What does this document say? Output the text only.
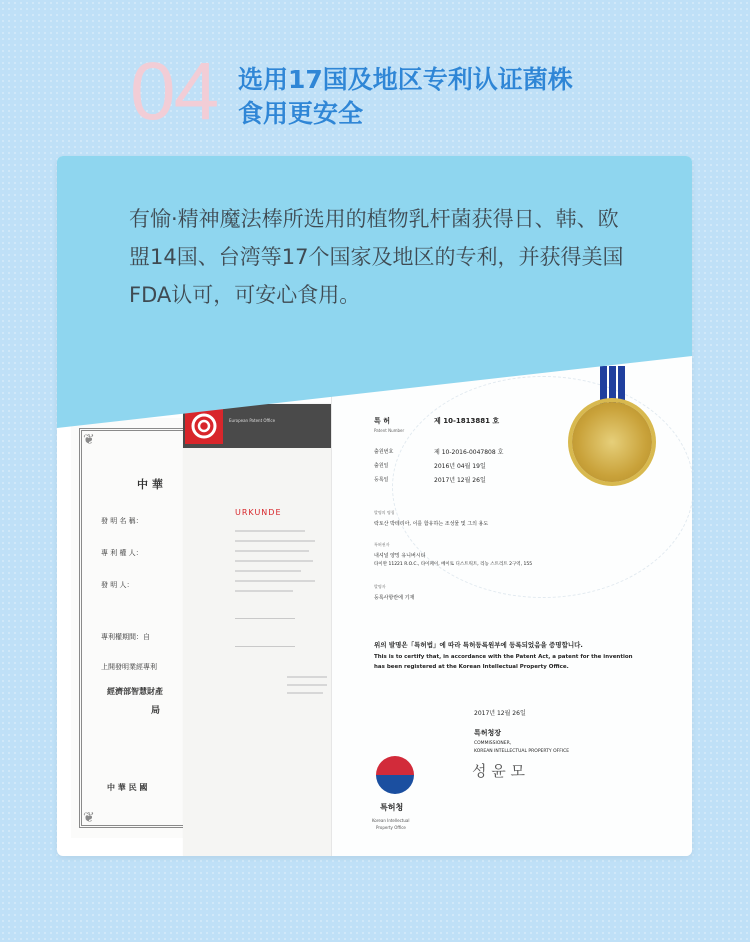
04 选用17国及地区专利认证菌株
食用更安全

有愉·精神魔法棒所选用的植物乳杆菌获得日、韩、欧盟14国、台湾等17个国家及地区的专利，并获得美国FDA认可，可安心食用。

❦
❦
中 華
發 明 名 稱：
專 利 權 人：
發 明 人：
專利權期間：自
上開發明業經專利
經濟部智慧財產
局
中 華 民 國
European Patent Office
URKUNDE
특 허
Patent Number
제 10-1813881 호
출원번호	제 10-2016-0047808 호
출원일	2016년 04월 19일
등록일	2017년 12월 26일
발명의 명칭
락토산 박테리아, 이를 함유하는 조성물 및 그의 용도
특허권자
내셔널 양밍 유니버시티
타이완 11221 R.O.C., 타이페이, 베이토 디스트릭트, 리농 스트리트 2구역, 155
발명자
등록사항란에 기재
위의 발명은「특허법」에 따라 특허등록원부에 등록되었음을 증명합니다.
This is to certify that, in accordance with the Patent Act, a patent for the invention
has been registered at the Korean Intellectual Property Office.
2017년 12월 26일
특허청장
COMMISSIONER,
KOREAN INTELLECTUAL PROPERTY OFFICE
성 윤 모
특허청
Korean Intellectual
Property Office
